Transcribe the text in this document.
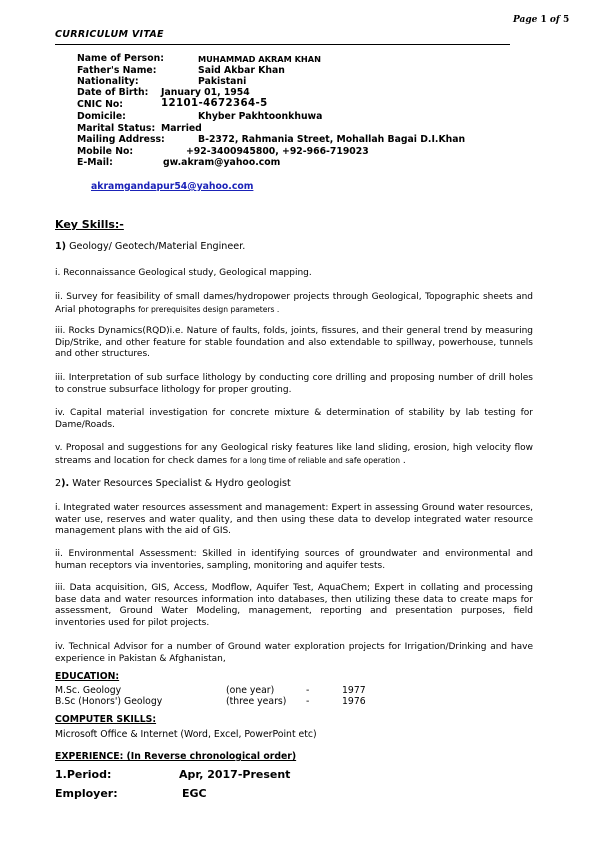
Page 1 of 5
CURRICULUM VITAE
Name of Person:	MUHAMMAD AKRAM KHAN
Father's Name:	Said Akbar Khan
Nationality:	Pakistani
Date of Birth: January 01, 1954
CNIC No:	12101-4672364-5
Domicile:	Khyber Pakhtoonkhuwa
Marital Status: Married
Mailing Address:	B-2372, Rahmania Street, Mohallah Bagai D.I.Khan
Mobile No:	+92-3400945800, +92-966-719023
E-Mail:	gw.akram@yahoo.com
akramgandapur54@yahoo.com
Key Skills:-
1) Geology/ Geotech/Material Engineer.
i. Reconnaissance Geological study, Geological mapping.
ii. Survey for feasibility of small dames/hydropower projects through Geological, Topographic sheets and Arial photographs for prerequisites design parameters .
iii. Rocks Dynamics(RQD)i.e. Nature of faults, folds, joints, fissures, and their general trend by measuring Dip/Strike, and other feature for stable foundation and also extendable to spillway, powerhouse, tunnels and other structures.
iii. Interpretation of sub surface lithology by conducting core drilling and proposing number of drill holes to construe subsurface lithology for proper grouting.
iv. Capital material investigation for concrete mixture & determination of stability by lab testing for Dame/Roads.
v. Proposal and suggestions for any Geological risky features like land sliding, erosion, high velocity flow streams and location for check dames for a long time of reliable and safe operation .
2). Water Resources Specialist & Hydro geologist
i. Integrated water resources assessment and management: Expert in assessing Ground water resources, water use, reserves and water quality, and then using these data to develop integrated water resource management plans with the aid of GIS.
ii. Environmental Assessment: Skilled in identifying sources of groundwater and environmental and human receptors via inventories, sampling, monitoring and aquifer tests.
iii. Data acquisition, GIS, Access, Modflow, Aquifer Test, AquaChem; Expert in collating and processing base data and water resources information into databases, then utilizing these data to create maps for assessment, Ground Water Modeling, management, reporting and presentation purposes, field inventories used for pilot projects.
iv. Technical Advisor for a number of Ground water exploration projects for Irrigation/Drinking and have experience in Pakistan & Afghanistan,
EDUCATION:
M.Sc. Geology	(one year)	-	1977
B.Sc (Honors') Geology	(three years) -	1976
COMPUTER SKILLS:
Microsoft Office & Internet (Word, Excel, PowerPoint etc)
EXPERIENCE: (In Reverse chronological order)
1.Period:	Apr, 2017-Present
Employer:	EGC
